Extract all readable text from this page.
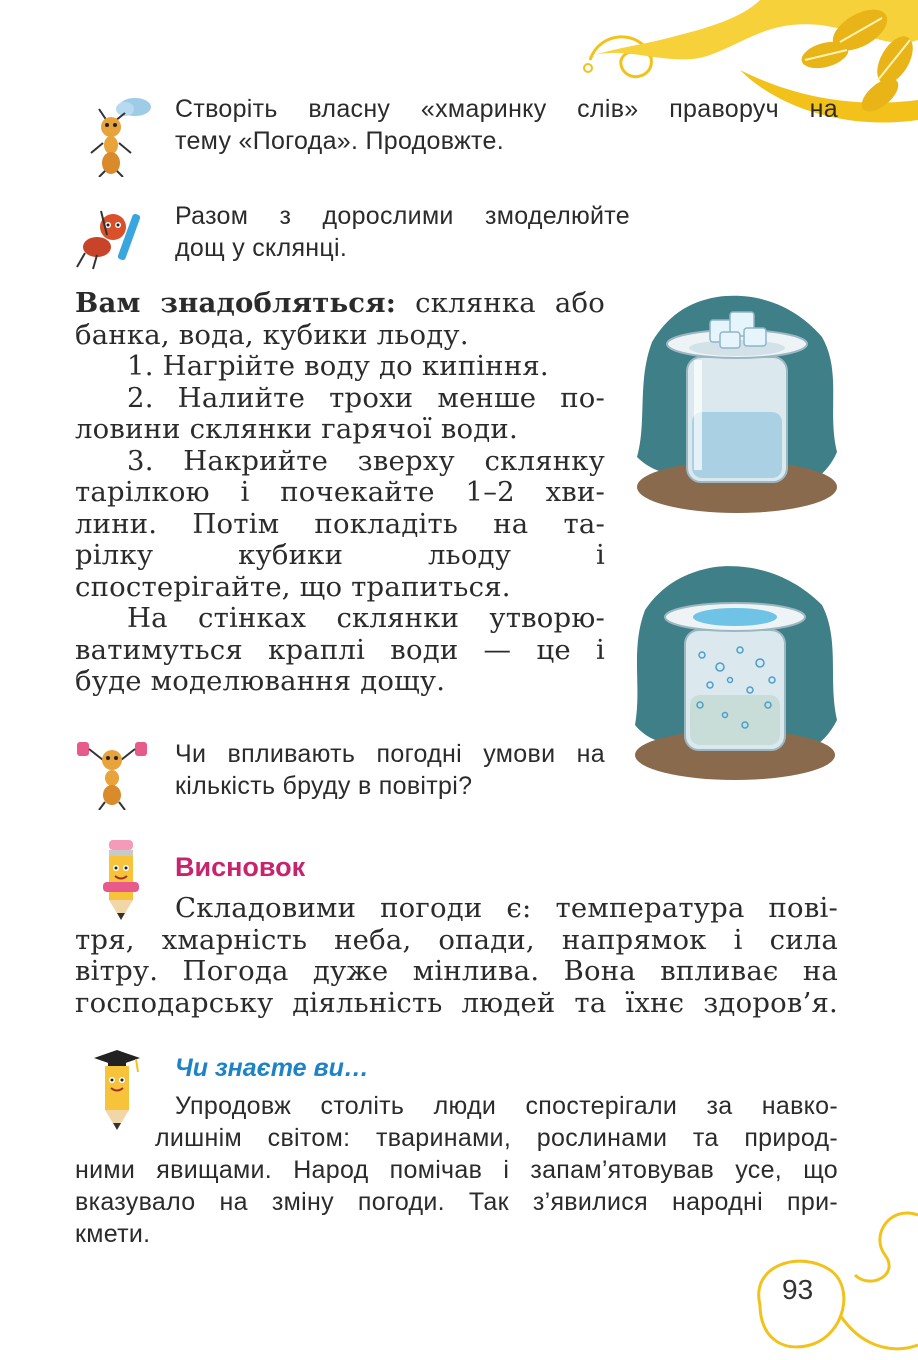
Створіть власну «хмаринку слів» праворуч на
тему «Погода». Продовжте.
Разом з дорослими змоделюйте
дощ у склянці.
Вам знадобляться: склянка або
банка, вода, кубики льоду.
1. Нагрійте воду до кипіння.
2. Налийте трохи менше по-
ловини склянки гарячої води.
3. Накрийте зверху склянку
тарілкою і почекайте 1–2 хви-
лини. Потім покладіть на та-
рілку кубики льоду і
спостерігайте, що трапиться.
На стінках склянки утворю-
ватимуться краплі води — це і
буде моделювання дощу.
Чи впливають погодні умови на
кількість бруду в повітрі?
Висновок
Складовими погоди є: температура пові-
тря, хмарність неба, опади, напрямок і сила
вітру. Погода дуже мінлива. Вона впливає на
господарську діяльність людей та їхнє здоров’я.
Чи знаєте ви…
Упродовж століть люди спостерігали за навко-
лишнім світом: тваринами, рослинами та природ-
ними явищами. Народ помічав і запам’ятовував усе, що
вказувало на зміну погоди. Так з’явилися народні при-
кмети.
93
